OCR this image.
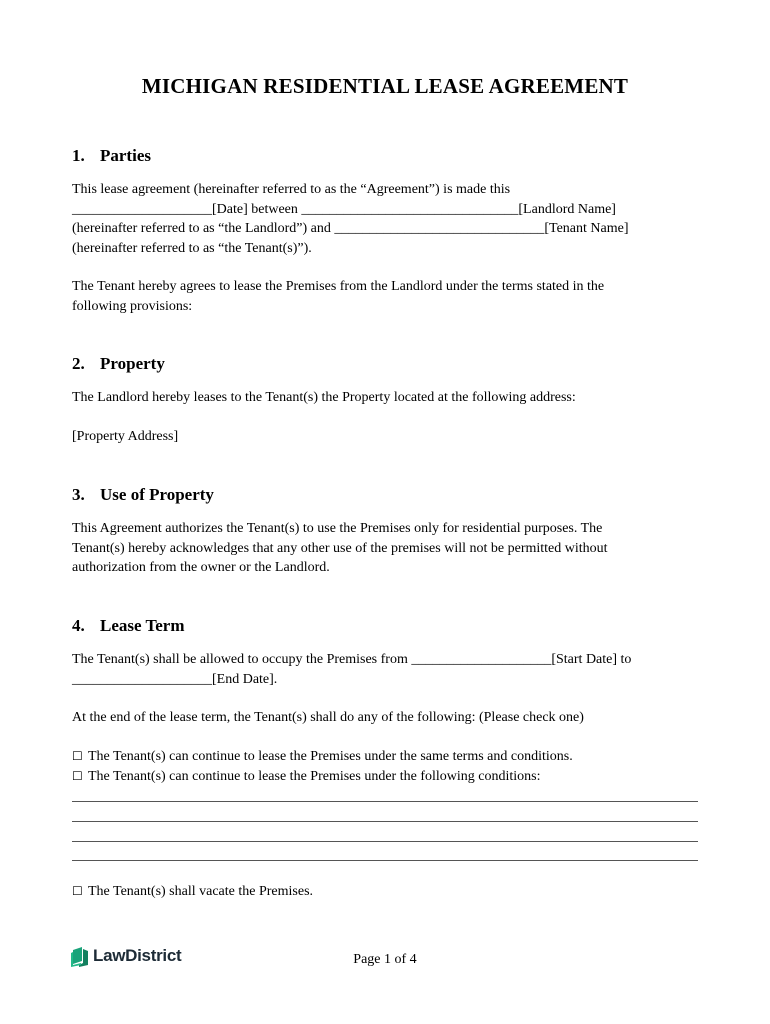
MICHIGAN RESIDENTIAL LEASE AGREEMENT
1. Parties
This lease agreement (hereinafter referred to as the “Agreement”) is made this
____________________[Date] between _______________________________[Landlord Name]
(hereinafter referred to as “the Landlord”) and ______________________________[Tenant Name]
(hereinafter referred to as “the Tenant(s)”).
The Tenant hereby agrees to lease the Premises from the Landlord under the terms stated in the
following provisions:
2. Property
The Landlord hereby leases to the Tenant(s) the Property located at the following address:
[Property Address]
3. Use of Property
This Agreement authorizes the Tenant(s) to use the Premises only for residential purposes. The
Tenant(s) hereby acknowledges that any other use of the premises will not be permitted without
authorization from the owner or the Landlord.
4. Lease Term
The Tenant(s) shall be allowed to occupy the Premises from ____________________[Start Date] to
____________________[End Date].
At the end of the lease term, the Tenant(s) shall do any of the following: (Please check one)
☐ The Tenant(s) can continue to lease the Premises under the same terms and conditions.
☐ The Tenant(s) can continue to lease the Premises under the following conditions:
☐ The Tenant(s) shall vacate the Premises.
LawDistrict	Page 1 of 4
